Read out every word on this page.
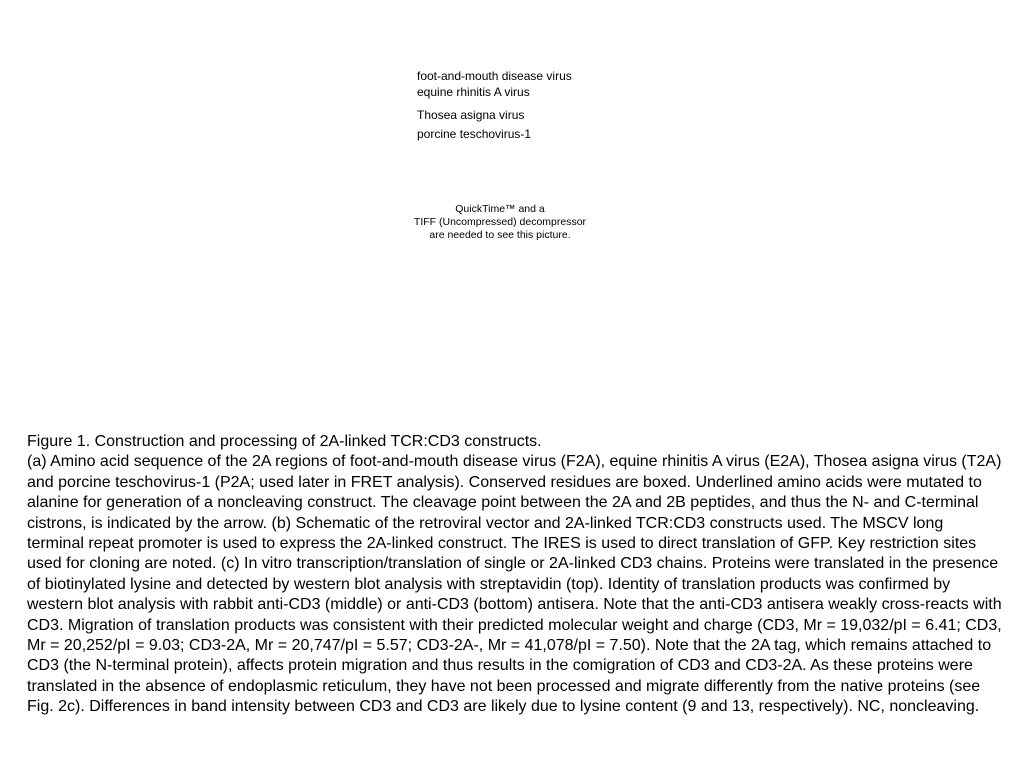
foot-and-mouth disease virus
equine rhinitis A virus
Thosea asigna virus
porcine teschovirus-1
QuickTime™ and a
TIFF (Uncompressed) decompressor
are needed to see this picture.

Figure 1. Construction and processing of 2A-linked TCR:CD3 constructs.

(a) Amino acid sequence of the 2A regions of foot-and-mouth disease virus (F2A), equine rhinitis A virus (E2A), Thosea asigna virus (T2A) and porcine teschovirus-1 (P2A; used later in FRET analysis). Conserved residues are boxed. Underlined amino acids were mutated to alanine for generation of a noncleaving construct. The cleavage point between the 2A and 2B peptides, and thus the N- and C-terminal cistrons, is indicated by the arrow. (b) Schematic of the retroviral vector and 2A-linked TCR:CD3 constructs used. The MSCV long terminal repeat promoter is used to express the 2A-linked construct. The IRES is used to direct translation of GFP. Key restriction sites used for cloning are noted. (c) In vitro transcription/translation of single or 2A-linked CD3 chains. Proteins were translated in the presence of biotinylated lysine and detected by western blot analysis with streptavidin (top). Identity of translation products was confirmed by western blot analysis with rabbit anti-CD3 (middle) or anti-CD3 (bottom) antisera. Note that the anti-CD3 antisera weakly cross-reacts with CD3. Migration of translation products was consistent with their predicted molecular weight and charge (CD3, Mr = 19,032/pI = 6.41; CD3, Mr = 20,252/pI = 9.03; CD3-2A, Mr = 20,747/pI = 5.57; CD3-2A-, Mr = 41,078/pI = 7.50). Note that the 2A tag, which remains attached to CD3 (the N-terminal protein), affects protein migration and thus results in the comigration of CD3 and CD3-2A. As these proteins were translated in the absence of endoplasmic reticulum, they have not been processed and migrate differently from the native proteins (see Fig. 2c). Differences in band intensity between CD3 and CD3 are likely due to lysine content (9 and 13, respectively). NC, noncleaving.
